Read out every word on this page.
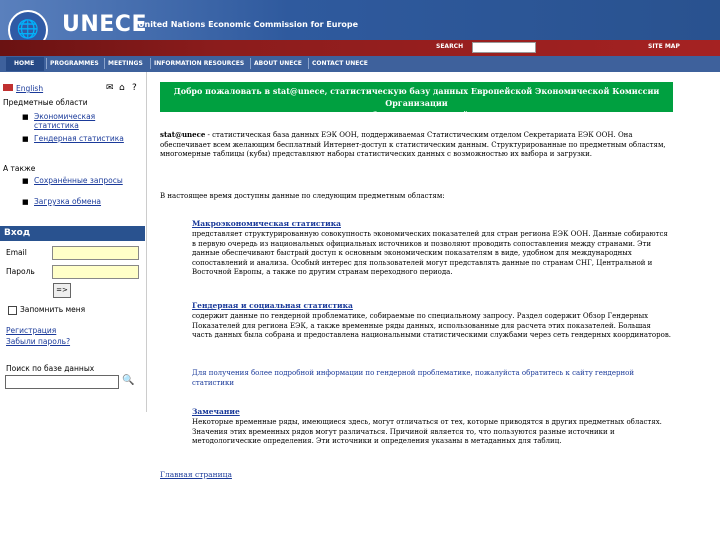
🌐	UNECE
United Nations Economic Commission for Europe
SEARCH	SITE MAP
HOME	PROGRAMMES MEETINGS INFORMATION RESOURCES ABOUT UNECE CONTACT UNECE
English	✉ ⌂ ?
Предметные области
■ Экономическая статистика
■ Гендерная статистика
А также
■ Сохранённые запросы
■ Загрузка обмена
Вход
Email
Пароль
=>
Запомнить меня
Регистрация
Забыли пароль?
Поиск по базе данных
🔍
Добро пожаловать в stat@unece, статистическую базу данных Европейской Экономической Комиссии Организации
Объединенных Наций
stat@unece - статистическая база данных ЕЭК ООН, поддерживаемая Статистическим отделом Секретариата ЕЭК ООН. Она обеспечивает всем желающим бесплатный Интернет-доступ к статистическим данным. Структурированные по предметным областям, многомерные таблицы (кубы) представляют наборы статистических данных с возможностью их выбора и загрузки.
В настоящее время доступны данные по следующим предметным областям:
Макроэкономическая статистика
представляет структурированную совокупность экономических показателей для стран региона ЕЭК ООН. Данные собираются в первую очередь из национальных официальных источников и позволяют проводить сопоставления между странами. Эти данные обеспечивают быстрый доступ к основным экономическим показателям в виде, удобном для международных сопоставлений и анализа. Особый интерес для пользователей могут представлять данные по странам СНГ, Центральной и Восточной Европы, а также по другим странам переходного периода.
Гендерная и социальная статистика
содержит данные по гендерной проблематике, собираемые по специальному запросу. Раздел содержит Обзор Гендерных Показателей для региона ЕЭК, а также временные ряды данных, использованные для расчета этих показателей. Большая часть данных была собрана и предоставлена национальными статистическими службами через сеть гендерных координаторов.
Для получения более подробной информации по гендерной проблематике, пожалуйста обратитесь к сайту гендерной статистики
Замечание
Некоторые временные ряды, имеющиеся здесь, могут отличаться от тех, которые приводятся в других предметных областях. Значения этих временных рядов могут различаться. Причиной является то, что пользуются разные источники и методологические определения. Эти источники и определения указаны в метаданных для таблиц.
Главная страница
